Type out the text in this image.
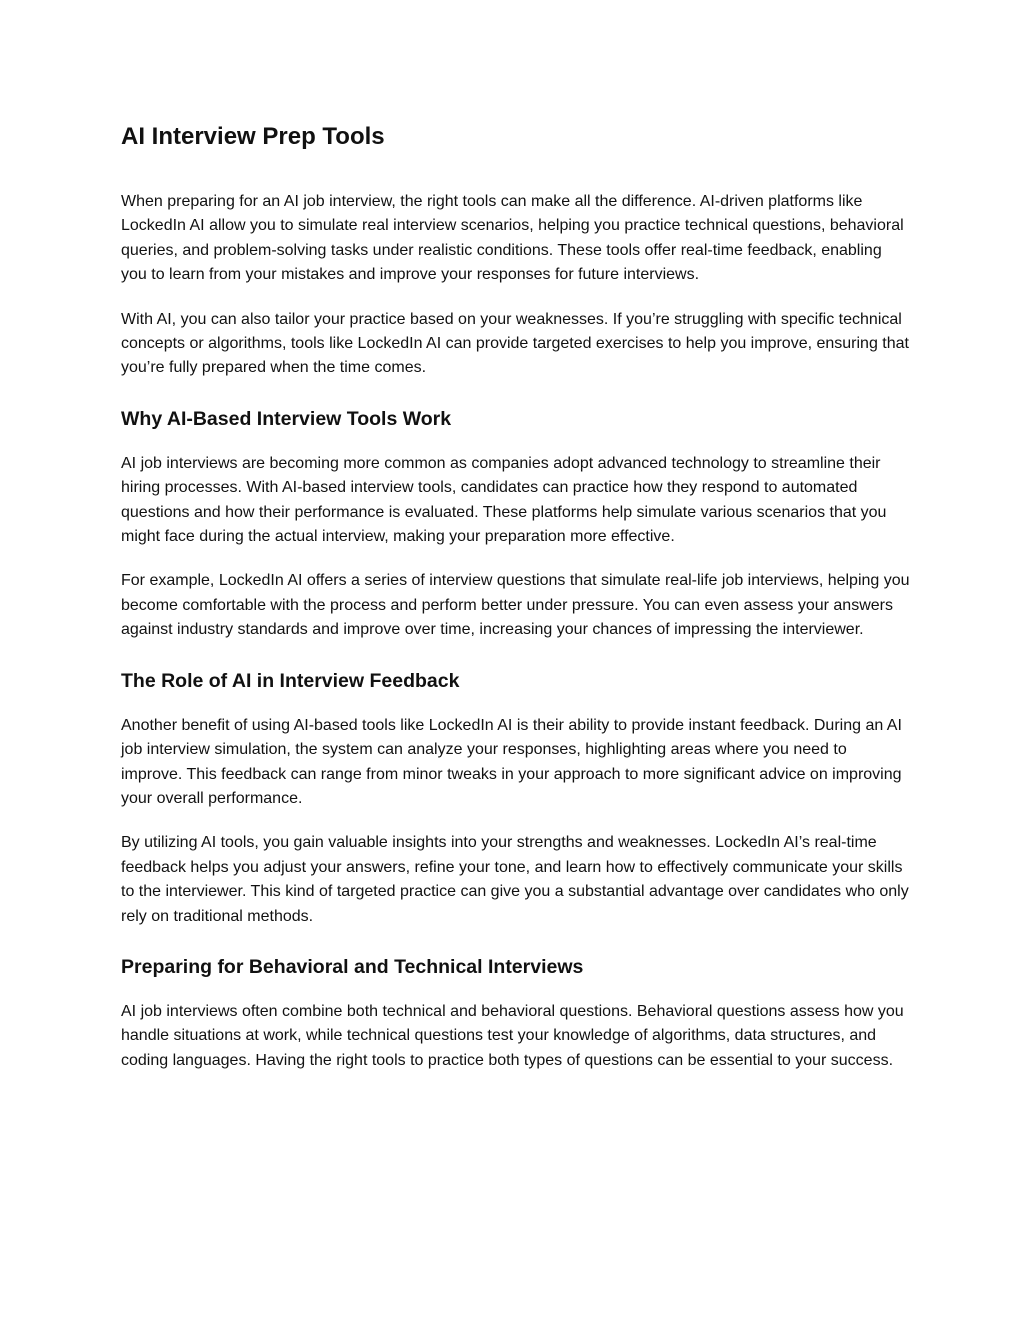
AI Interview Prep Tools

When preparing for an AI job interview, the right tools can make all the difference. AI-driven platforms like LockedIn AI allow you to simulate real interview scenarios, helping you practice technical questions, behavioral queries, and problem-solving tasks under realistic conditions. These tools offer real-time feedback, enabling you to learn from your mistakes and improve your responses for future interviews.

With AI, you can also tailor your practice based on your weaknesses. If you’re struggling with specific technical concepts or algorithms, tools like LockedIn AI can provide targeted exercises to help you improve, ensuring that you’re fully prepared when the time comes.

Why AI-Based Interview Tools Work

AI job interviews are becoming more common as companies adopt advanced technology to streamline their hiring processes. With AI-based interview tools, candidates can practice how they respond to automated questions and how their performance is evaluated. These platforms help simulate various scenarios that you might face during the actual interview, making your preparation more effective.

For example, LockedIn AI offers a series of interview questions that simulate real-life job interviews, helping you become comfortable with the process and perform better under pressure. You can even assess your answers against industry standards and improve over time, increasing your chances of impressing the interviewer.

The Role of AI in Interview Feedback

Another benefit of using AI-based tools like LockedIn AI is their ability to provide instant feedback. During an AI job interview simulation, the system can analyze your responses, highlighting areas where you need to improve. This feedback can range from minor tweaks in your approach to more significant advice on improving your overall performance.

By utilizing AI tools, you gain valuable insights into your strengths and weaknesses. LockedIn AI’s real-time feedback helps you adjust your answers, refine your tone, and learn how to effectively communicate your skills to the interviewer. This kind of targeted practice can give you a substantial advantage over candidates who only rely on traditional methods.

Preparing for Behavioral and Technical Interviews

AI job interviews often combine both technical and behavioral questions. Behavioral questions assess how you handle situations at work, while technical questions test your knowledge of algorithms, data structures, and coding languages. Having the right tools to practice both types of questions can be essential to your success.
